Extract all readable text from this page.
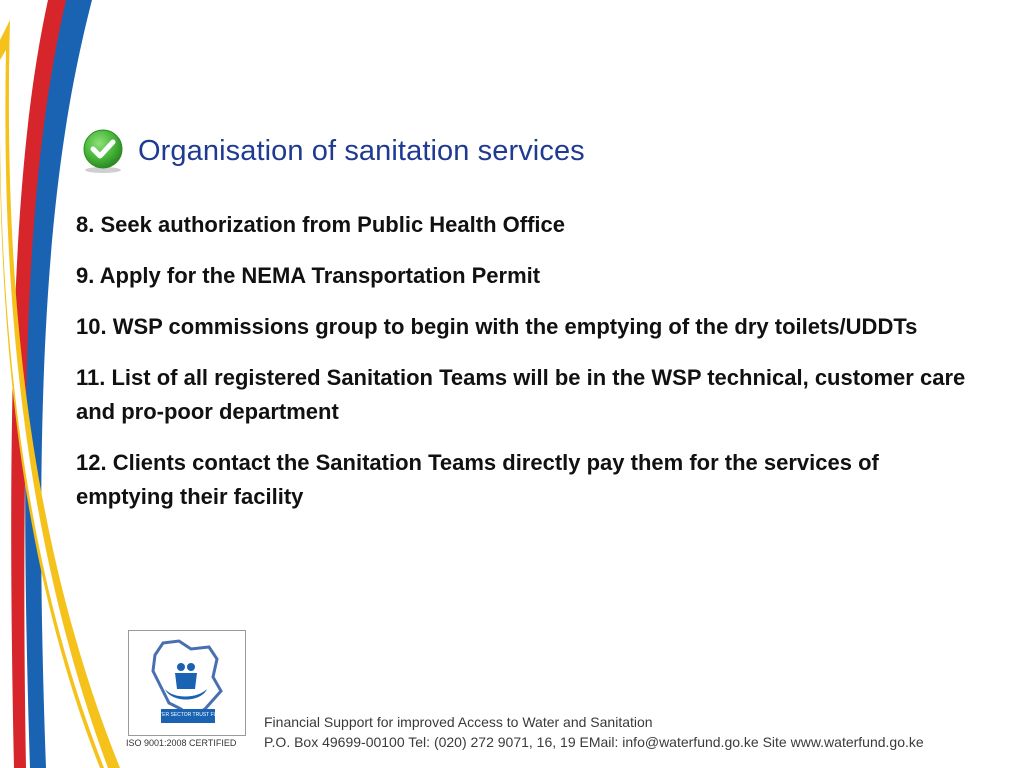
Organisation of sanitation services
8. Seek authorization from Public Health Office
9. Apply for the NEMA Transportation Permit
10. WSP commissions group to begin with the emptying of the dry toilets/UDDTs
11. List of all registered Sanitation Teams will be in the WSP technical, customer care and pro-poor department
12. Clients contact the Sanitation Teams directly pay them for the services of emptying their facility
WATER SECTOR TRUST FUND
ISO 9001:2008 CERTIFIED
Financial Support for improved Access to Water and Sanitation
P.O. Box 49699-00100 Tel: (020) 272 9071, 16, 19 EMail: info@waterfund.go.ke Site www.waterfund.go.ke
